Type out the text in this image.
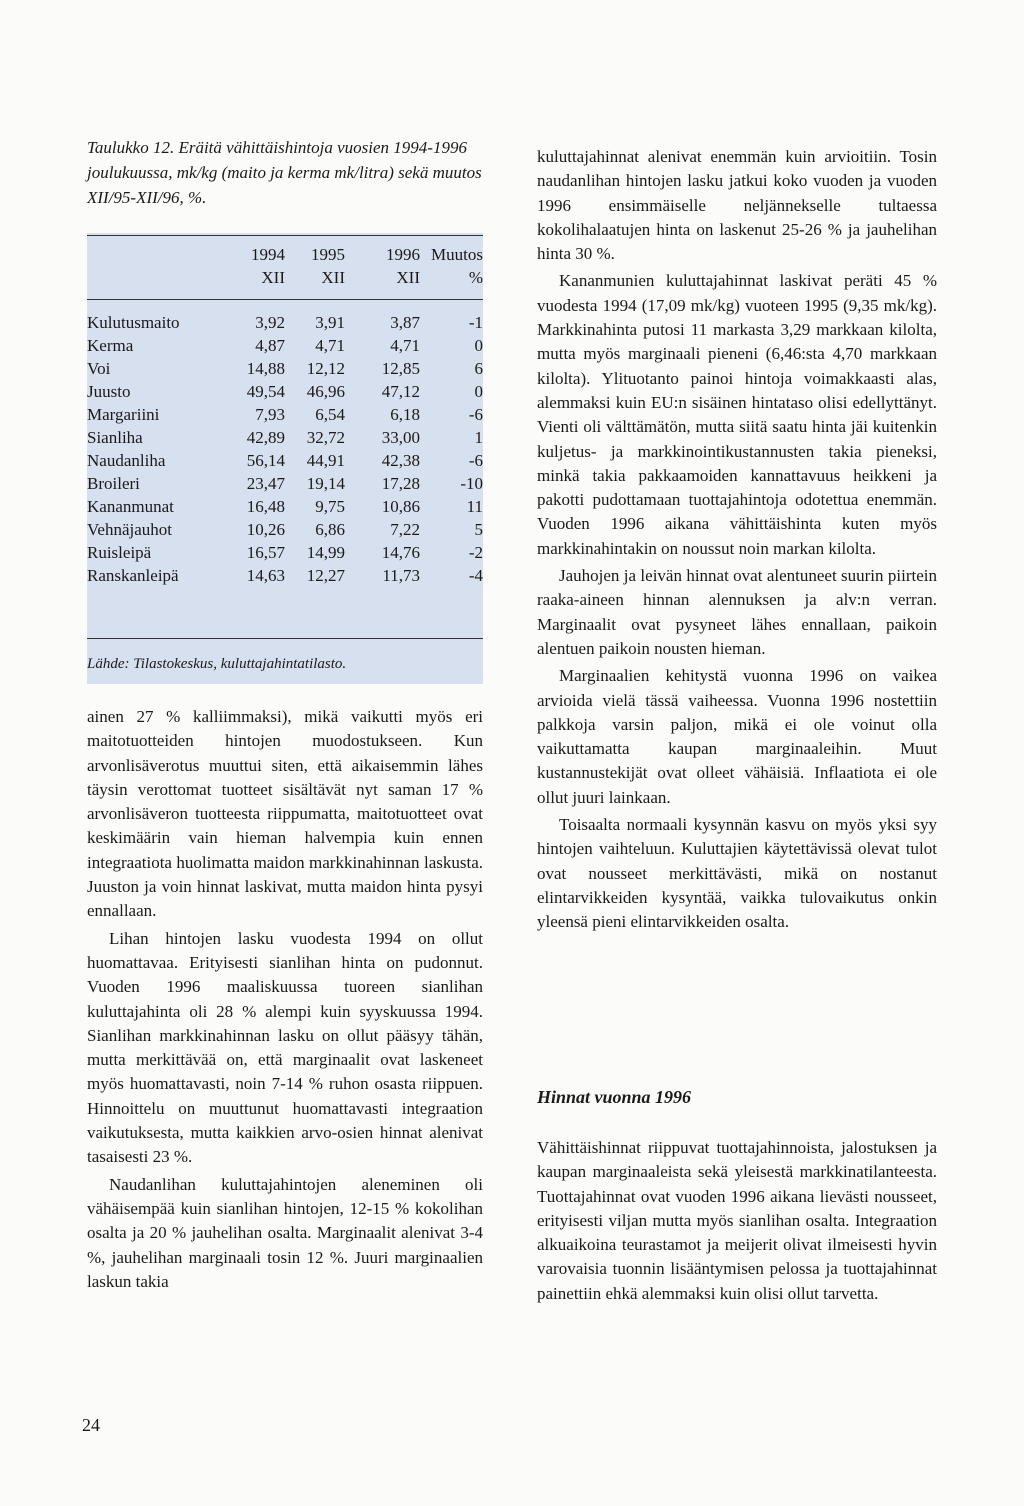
Taulukko 12. Eräitä vähittäishintoja vuosien 1994-1996 joulukuussa, mk/kg (maito ja kerma mk/litra) sekä muutos XII/95-XII/96, %.

	1994	1995	1996	Muutos
	XII	XII	XII	%

Kulutusmaito	3,92	3,91	3,87	-1
Kerma	4,87	4,71	4,71	0
Voi	14,88	12,12	12,85	6
Juusto	49,54	46,96	47,12	0
Margariini	7,93	6,54	6,18	-6
Sianliha	42,89	32,72	33,00	1
Naudanliha	56,14	44,91	42,38	-6
Broileri	23,47	19,14	17,28	-10
Kananmunat	16,48	9,75	10,86	11
Vehnäjauhot	10,26	6,86	7,22	5
Ruisleipä	16,57	14,99	14,76	-2
Ranskanleipä	14,63	12,27	11,73	-4

Lähde: Tilastokeskus, kuluttajahintatilasto.

ainen 27 % kalliimmaksi), mikä vaikutti myös eri maitotuotteiden hintojen muodostukseen. Kun arvonlisäverotus muuttui siten, että aikaisemmin lähes täysin verottomat tuotteet sisältävät nyt saman 17 % arvonlisäveron tuotteesta riippumatta, maitotuotteet ovat keskimäärin vain hieman halvempia kuin ennen integraatiota huolimatta maidon markkinahinnan laskusta. Juuston ja voin hinnat laskivat, mutta maidon hinta pysyi ennallaan.

Lihan hintojen lasku vuodesta 1994 on ollut huomattavaa. Erityisesti sianlihan hinta on pudonnut. Vuoden 1996 maaliskuussa tuoreen sianlihan kuluttajahinta oli 28 % alempi kuin syyskuussa 1994. Sianlihan markkinahinnan lasku on ollut pääsyy tähän, mutta merkittävää on, että marginaalit ovat laskeneet myös huomattavasti, noin 7-14 % ruhon osasta riippuen. Hinnoittelu on muuttunut huomattavasti integraation vaikutuksesta, mutta kaikkien arvo-osien hinnat alenivat tasaisesti 23 %.

Naudanlihan kuluttajahintojen aleneminen oli vähäisempää kuin sianlihan hintojen, 12-15 % kokolihan osalta ja 20 % jauhelihan osalta. Marginaalit alenivat 3-4 %, jauhelihan marginaali tosin 12 %. Juuri marginaalien laskun takia

kuluttajahinnat alenivat enemmän kuin arvioitiin. Tosin naudanlihan hintojen lasku jatkui koko vuoden ja vuoden 1996 ensimmäiselle neljännekselle tultaessa kokolihalaatujen hinta on laskenut 25-26 % ja jauhelihan hinta 30 %.

Kananmunien kuluttajahinnat laskivat peräti 45 % vuodesta 1994 (17,09 mk/kg) vuoteen 1995 (9,35 mk/kg). Markkinahinta putosi 11 markasta 3,29 markkaan kilolta, mutta myös marginaali pieneni (6,46:sta 4,70 markkaan kilolta). Ylituotanto painoi hintoja voimakkaasti alas, alemmaksi kuin EU:n sisäinen hintataso olisi edellyttänyt. Vienti oli välttämätön, mutta siitä saatu hinta jäi kuitenkin kuljetus- ja markkinointikustannusten takia pieneksi, minkä takia pakkaamoiden kannattavuus heikkeni ja pakotti pudottamaan tuottajahintoja odotettua enemmän. Vuoden 1996 aikana vähittäishinta kuten myös markkinahintakin on noussut noin markan kilolta.

Jauhojen ja leivän hinnat ovat alentuneet suurin piirtein raaka-aineen hinnan alennuksen ja alv:n verran. Marginaalit ovat pysyneet lähes ennallaan, paikoin alentuen paikoin nousten hieman.

Marginaalien kehitystä vuonna 1996 on vaikea arvioida vielä tässä vaiheessa. Vuonna 1996 nostettiin palkkoja varsin paljon, mikä ei ole voinut olla vaikuttamatta kaupan marginaaleihin. Muut kustannustekijät ovat olleet vähäisiä. Inflaatiota ei ole ollut juuri lainkaan.

Toisaalta normaali kysynnän kasvu on myös yksi syy hintojen vaihteluun. Kuluttajien käytettävissä olevat tulot ovat nousseet merkittävästi, mikä on nostanut elintarvikkeiden kysyntää, vaikka tulovaikutus onkin yleensä pieni elintarvikkeiden osalta.

Hinnat vuonna 1996

Vähittäishinnat riippuvat tuottajahinnoista, jalostuksen ja kaupan marginaaleista sekä yleisestä markkinatilanteesta. Tuottajahinnat ovat vuoden 1996 aikana lievästi nousseet, erityisesti viljan mutta myös sianlihan osalta. Integraation alkuaikoina teurastamot ja meijerit olivat ilmeisesti hyvin varovaisia tuonnin lisääntymisen pelossa ja tuottajahinnat painettiin ehkä alemmaksi kuin olisi ollut tarvetta.

24
